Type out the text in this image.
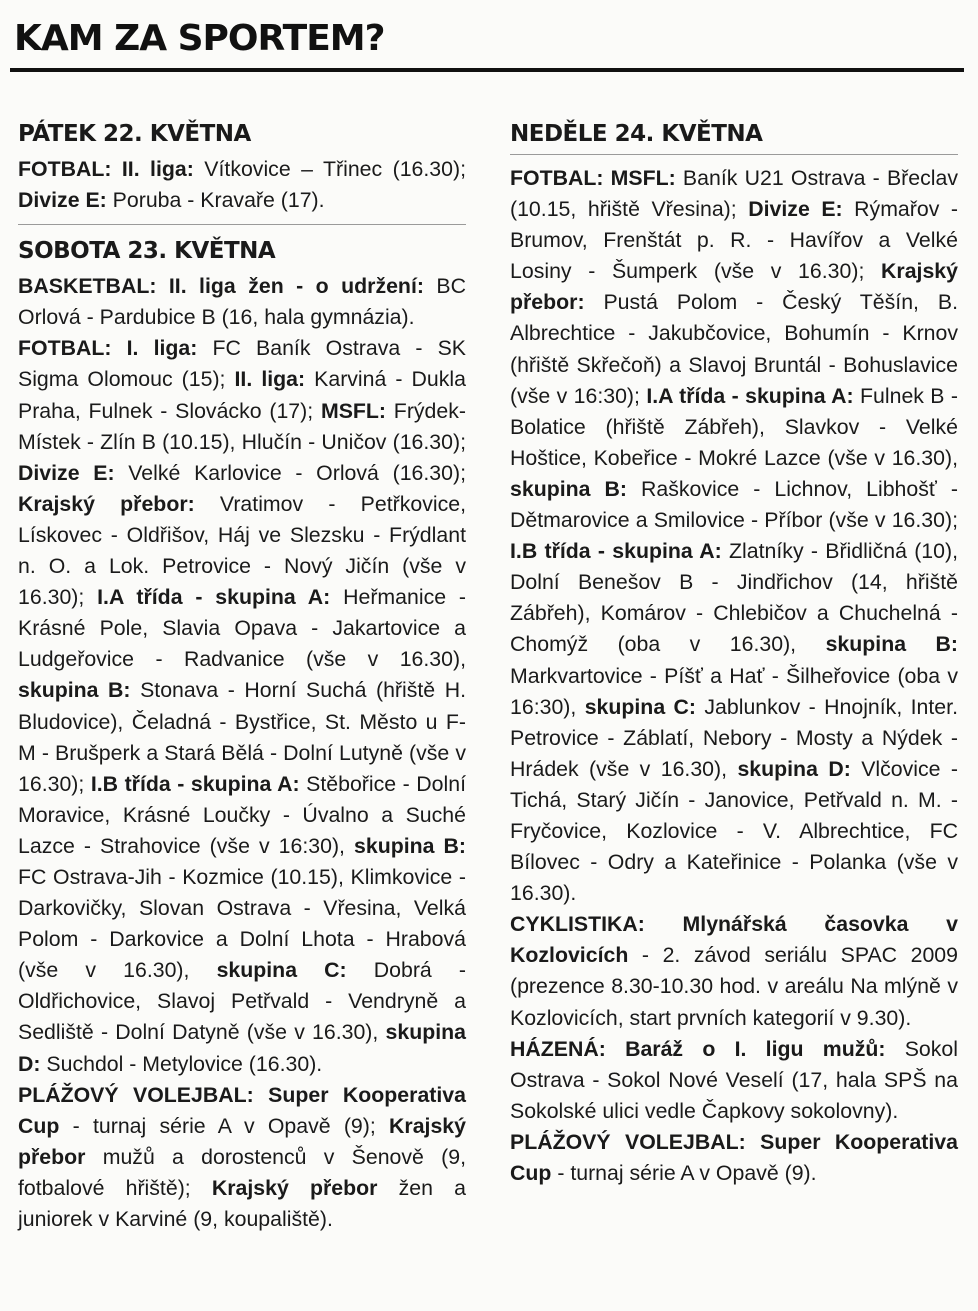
KAM ZA SPORTEM?
PÁTEK 22. KVĚTNA

FOTBAL: II. liga: Vítkovice – Třinec (16.30); Divize E: Poruba - Kravaře (17).

SOBOTA 23. KVĚTNA

BASKETBAL: II. liga žen - o udržení: BC Orlová - Pardubice B (16, hala gymnázia).

FOTBAL: I. liga: FC Baník Ostrava - SK Sigma Olomouc (15); II. liga: Karviná - Dukla Praha, Fulnek - Slovácko (17); MSFL: Frýdek-Místek - Zlín B (10.15), Hlučín - Uničov (16.30); Divize E: Velké Karlovice - Orlová (16.30); Krajský přebor: Vratimov - Petřkovice, Lískovec - Oldřišov, Háj ve Slezsku - Frýdlant n. O. a Lok. Petrovice - Nový Jičín (vše v 16.30); I.A třída - skupina A: Heřmanice - Krásné Pole, Slavia Opava - Jakartovice a Ludgeřovice - Radvanice (vše v 16.30), skupina B: Stonava - Horní Suchá (hřiště H. Bludovice), Čeladná - Bystřice, St. Město u F-M - Brušperk a Stará Bělá - Dolní Lutyně (vše v 16.30); I.B třída - skupina A: Stěbořice - Dolní Moravice, Krásné Loučky - Úvalno a Suché Lazce - Strahovice (vše v 16:30), skupina B: FC Ostrava-Jih - Kozmice (10.15), Klimkovice - Darkovičky, Slovan Ostrava - Vřesina, Velká Polom - Darkovice a Dolní Lhota - Hrabová (vše v 16.30), skupina C: Dobrá - Oldřichovice, Slavoj Petřvald - Vendryně a Sedliště - Dolní Datyně (vše v 16.30), skupina D: Suchdol - Metylovice (16.30).

PLÁŽOVÝ VOLEJBAL: Super Kooperativa Cup - turnaj série A v Opavě (9); Krajský přebor mužů a dorostenců v Šenově (9, fotbalové hřiště); Krajský přebor žen a juniorek v Karviné (9, koupaliště).

NEDĚLE 24. KVĚTNA

FOTBAL: MSFL: Baník U21 Ostrava - Břeclav (10.15, hřiště Vřesina); Divize E: Rýmařov - Brumov, Frenštát p. R. - Havířov a Velké Losiny - Šumperk (vše v 16.30); Krajský přebor: Pustá Polom - Český Těšín, B. Albrechtice - Jakubčovice, Bohumín - Krnov (hřiště Skřečoň) a Slavoj Bruntál - Bohuslavice (vše v 16:30); I.A třída - skupina A: Fulnek B - Bolatice (hřiště Zábřeh), Slavkov - Velké Hoštice, Kobeřice - Mokré Lazce (vše v 16.30), skupina B: Raškovice - Lichnov, Libhošť - Dětmarovice a Smilovice - Příbor (vše v 16.30); I.B třída - skupina A: Zlatníky - Břidličná (10), Dolní Benešov B - Jindřichov (14, hřiště Zábřeh), Komárov - Chlebičov a Chuchelná - Chomýž (oba v 16.30), skupina B: Markvartovice - Píšť a Hať - Šilheřovice (oba v 16:30), skupina C: Jablunkov - Hnojník, Inter. Petrovice - Záblatí, Nebory - Mosty a Nýdek - Hrádek (vše v 16.30), skupina D: Vlčovice - Tichá, Starý Jičín - Janovice, Petřvald n. M. - Fryčovice, Kozlovice - V. Albrechtice, FC Bílovec - Odry a Kateřinice - Polanka (vše v 16.30).

CYKLISTIKA: Mlynářská časovka v Kozlovicích - 2. závod seriálu SPAC 2009 (prezence 8.30-10.30 hod. v areálu Na mlýně v Kozlovicích, start prvních kategorií v 9.30).

HÁZENÁ: Baráž o I. ligu mužů: Sokol Ostrava - Sokol Nové Veselí (17, hala SPŠ na Sokolské ulici vedle Čapkovy sokolovny).

PLÁŽOVÝ VOLEJBAL: Super Kooperativa Cup - turnaj série A v Opavě (9).
